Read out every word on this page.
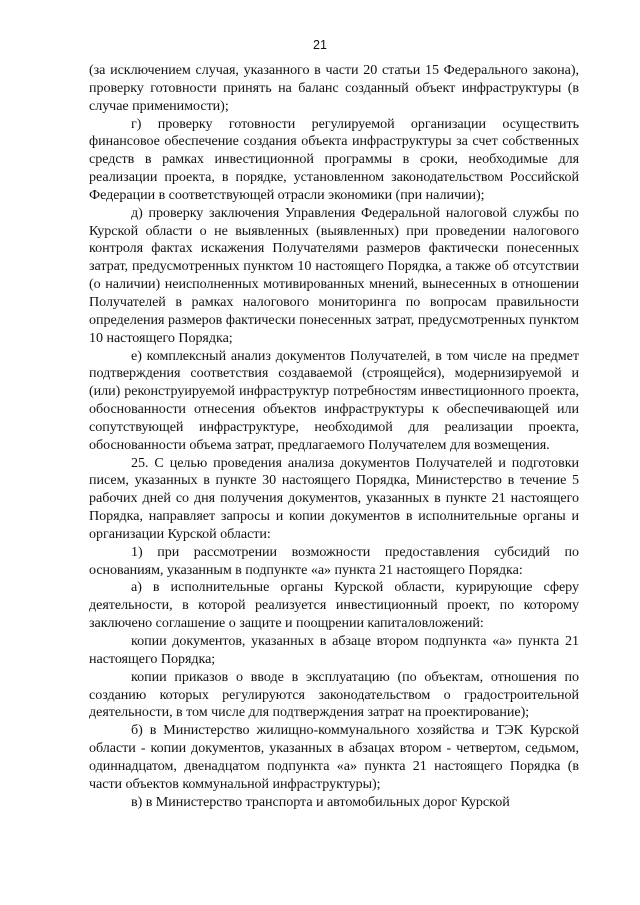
21

(за исключением случая, указанного в части 20 статьи 15 Федерального закона), проверку готовности принять на баланс созданный объект инфраструктуры (в случае применимости);

г) проверку готовности регулируемой организации осуществить финансовое обеспечение создания объекта инфраструктуры за счет собственных средств в рамках инвестиционной программы в сроки, необходимые для реализации проекта, в порядке, установленном законодательством Российской Федерации в соответствующей отрасли экономики (при наличии);

д) проверку заключения Управления Федеральной налоговой службы по Курской области о не выявленных (выявленных) при проведении налогового контроля фактах искажения Получателями размеров фактически понесенных затрат, предусмотренных пунктом 10 настоящего Порядка, а также об отсутствии (о наличии) неисполненных мотивированных мнений, вынесенных в отношении Получателей в рамках налогового мониторинга по вопросам правильности определения размеров фактически понесенных затрат, предусмотренных пунктом 10 настоящего Порядка;

е) комплексный анализ документов Получателей, в том числе на предмет подтверждения соответствия создаваемой (строящейся), модернизируемой и (или) реконструируемой инфраструктур потребностям инвестиционного проекта, обоснованности отнесения объектов инфраструктуры к обеспечивающей или сопутствующей инфраструктуре, необходимой для реализации проекта, обоснованности объема затрат, предлагаемого Получателем для возмещения.

25. С целью проведения анализа документов Получателей и подготовки писем, указанных в пункте 30 настоящего Порядка, Министерство в течение 5 рабочих дней со дня получения документов, указанных в пункте 21 настоящего Порядка, направляет запросы и копии документов в исполнительные органы и организации Курской области:

1) при рассмотрении возможности предоставления субсидий по основаниям, указанным в подпункте «а» пункта 21 настоящего Порядка:

а) в исполнительные органы Курской области, курирующие сферу деятельности, в которой реализуется инвестиционный проект, по которому заключено соглашение о защите и поощрении капиталовложений:

копии документов, указанных в абзаце втором подпункта «а» пункта 21 настоящего Порядка;

копии приказов о вводе в эксплуатацию (по объектам, отношения по созданию которых регулируются законодательством о градостроительной деятельности, в том числе для подтверждения затрат на проектирование);

б) в Министерство жилищно-коммунального хозяйства и ТЭК Курской области - копии документов, указанных в абзацах втором - четвертом, седьмом, одиннадцатом, двенадцатом подпункта «а» пункта 21 настоящего Порядка (в части объектов коммунальной инфраструктуры);

в) в Министерство транспорта и автомобильных дорог Курской
